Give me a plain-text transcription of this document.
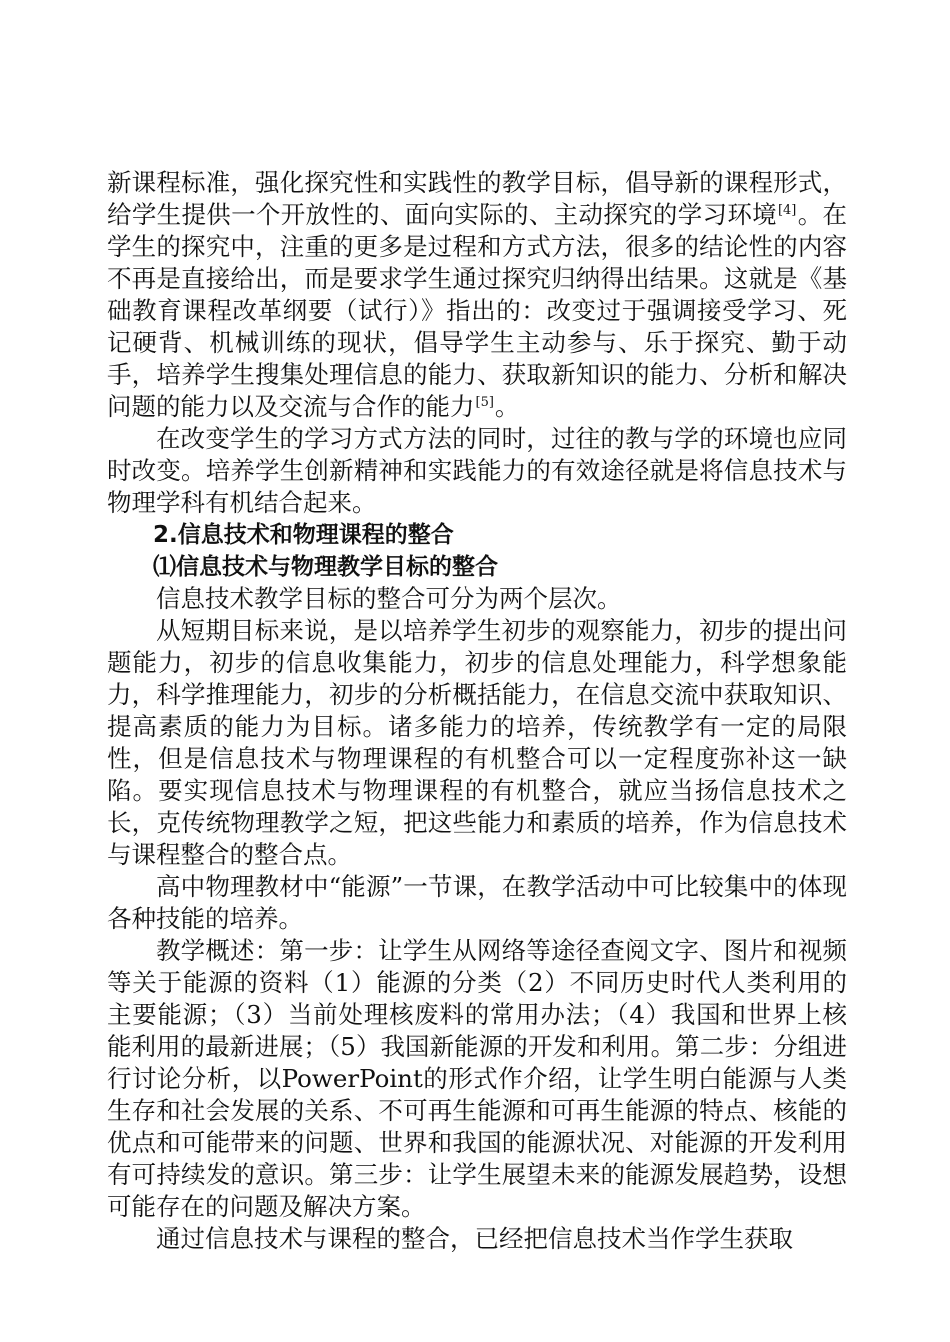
新课程标准，强化探究性和实践性的教学目标，倡导新的课程形式，给学生提供一个开放性的、面向实际的、主动探究的学习环境[4]。在学生的探究中，注重的更多是过程和方式方法，很多的结论性的内容不再是直接给出，而是要求学生通过探究归纳得出结果。这就是《基础教育课程改革纲要（试行）》指出的：改变过于强调接受学习、死记硬背、机械训练的现状，倡导学生主动参与、乐于探究、勤于动手，培养学生搜集处理信息的能力、获取新知识的能力、分析和解决问题的能力以及交流与合作的能力[5]。

在改变学生的学习方式方法的同时，过往的教与学的环境也应同时改变。培养学生创新精神和实践能力的有效途径就是将信息技术与物理学科有机结合起来。

2.信息技术和物理课程的整合

⑴信息技术与物理教学目标的整合

信息技术教学目标的整合可分为两个层次。

从短期目标来说，是以培养学生初步的观察能力，初步的提出问题能力，初步的信息收集能力，初步的信息处理能力，科学想象能力，科学推理能力，初步的分析概括能力，在信息交流中获取知识、提高素质的能力为目标。诸多能力的培养，传统教学有一定的局限性，但是信息技术与物理课程的有机整合可以一定程度弥补这一缺陷。要实现信息技术与物理课程的有机整合，就应当扬信息技术之长，克传统物理教学之短，把这些能力和素质的培养，作为信息技术与课程整合的整合点。

高中物理教材中“能源”一节课，在教学活动中可比较集中的体现各种技能的培养。

教学概述：第一步：让学生从网络等途径查阅文字、图片和视频等关于能源的资料（1）能源的分类（2）不同历史时代人类利用的主要能源；（3）当前处理核废料的常用办法；（4）我国和世界上核能利用的最新进展；（5）我国新能源的开发和利用。第二步：分组进行讨论分析，以PowerPoint的形式作介绍，让学生明白能源与人类生存和社会发展的关系、不可再生能源和可再生能源的特点、核能的优点和可能带来的问题、世界和我国的能源状况、对能源的开发利用有可持续发的意识。第三步：让学生展望未来的能源发展趋势，设想可能存在的问题及解决方案。

通过信息技术与课程的整合，已经把信息技术当作学生获取
